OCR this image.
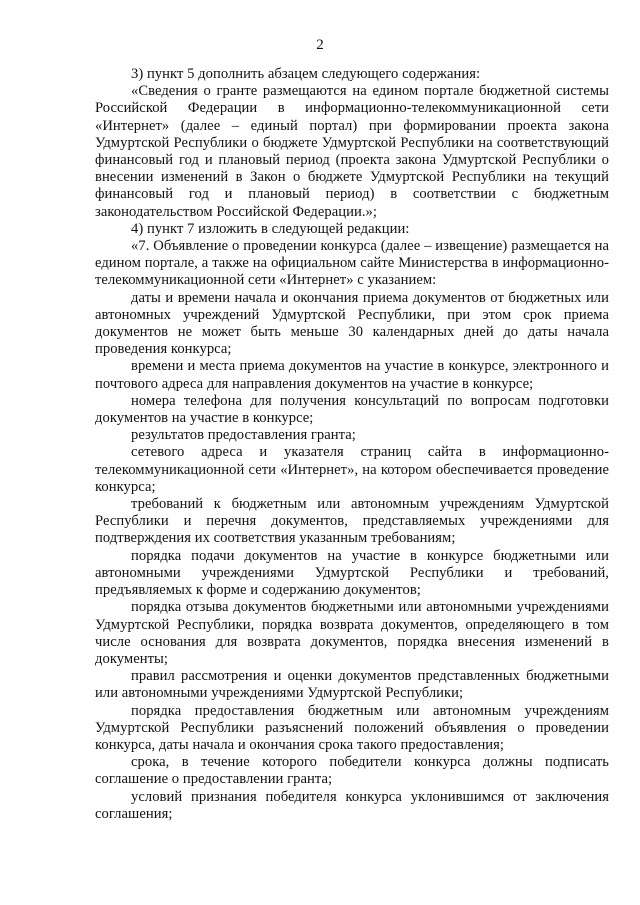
2

3) пункт 5 дополнить абзацем следующего содержания:

«Сведения о гранте размещаются на едином портале бюджетной системы Российской Федерации в информационно-телекоммуникационной сети «Интернет» (далее – единый портал) при формировании проекта закона Удмуртской Республики о бюджете Удмуртской Республики на соответствующий финансовый год и плановый период (проекта закона Удмуртской Республики о внесении изменений в Закон о бюджете Удмуртской Республики на текущий финансовый год и плановый период) в соответствии с бюджетным законодательством Российской Федерации.»;

4) пункт 7 изложить в следующей редакции:

«7. Объявление о проведении конкурса (далее – извещение) размещается на едином портале, а также на официальном сайте Министерства в информационно-телекоммуникационной сети «Интернет» с указанием:

даты и времени начала и окончания приема документов от бюджетных или автономных учреждений Удмуртской Республики, при этом срок приема документов не может быть меньше 30 календарных дней до даты начала проведения конкурса;

времени и места приема документов на участие в конкурсе, электронного и почтового адреса для направления документов на участие в конкурсе;

номера телефона для получения консультаций по вопросам подготовки документов на участие в конкурсе;

результатов предоставления гранта;

сетевого адреса и указателя страниц сайта в информационно-телекоммуникационной сети «Интернет», на котором обеспечивается проведение конкурса;

требований к бюджетным или автономным учреждениям Удмуртской Республики и перечня документов, представляемых учреждениями для подтверждения их соответствия указанным требованиям;

порядка подачи документов на участие в конкурсе бюджетными или автономными учреждениями Удмуртской Республики и требований, предъявляемых к форме и содержанию документов;

порядка отзыва документов бюджетными или автономными учреждениями Удмуртской Республики, порядка возврата документов, определяющего в том числе основания для возврата документов, порядка внесения изменений в документы;

правил рассмотрения и оценки документов представленных бюджетными или автономными учреждениями Удмуртской Республики;

порядка предоставления бюджетным или автономным учреждениям Удмуртской Республики разъяснений положений объявления о проведении конкурса, даты начала и окончания срока такого предоставления;

срока, в течение которого победители конкурса должны подписать соглашение о предоставлении гранта;

условий признания победителя конкурса уклонившимся от заключения соглашения;
